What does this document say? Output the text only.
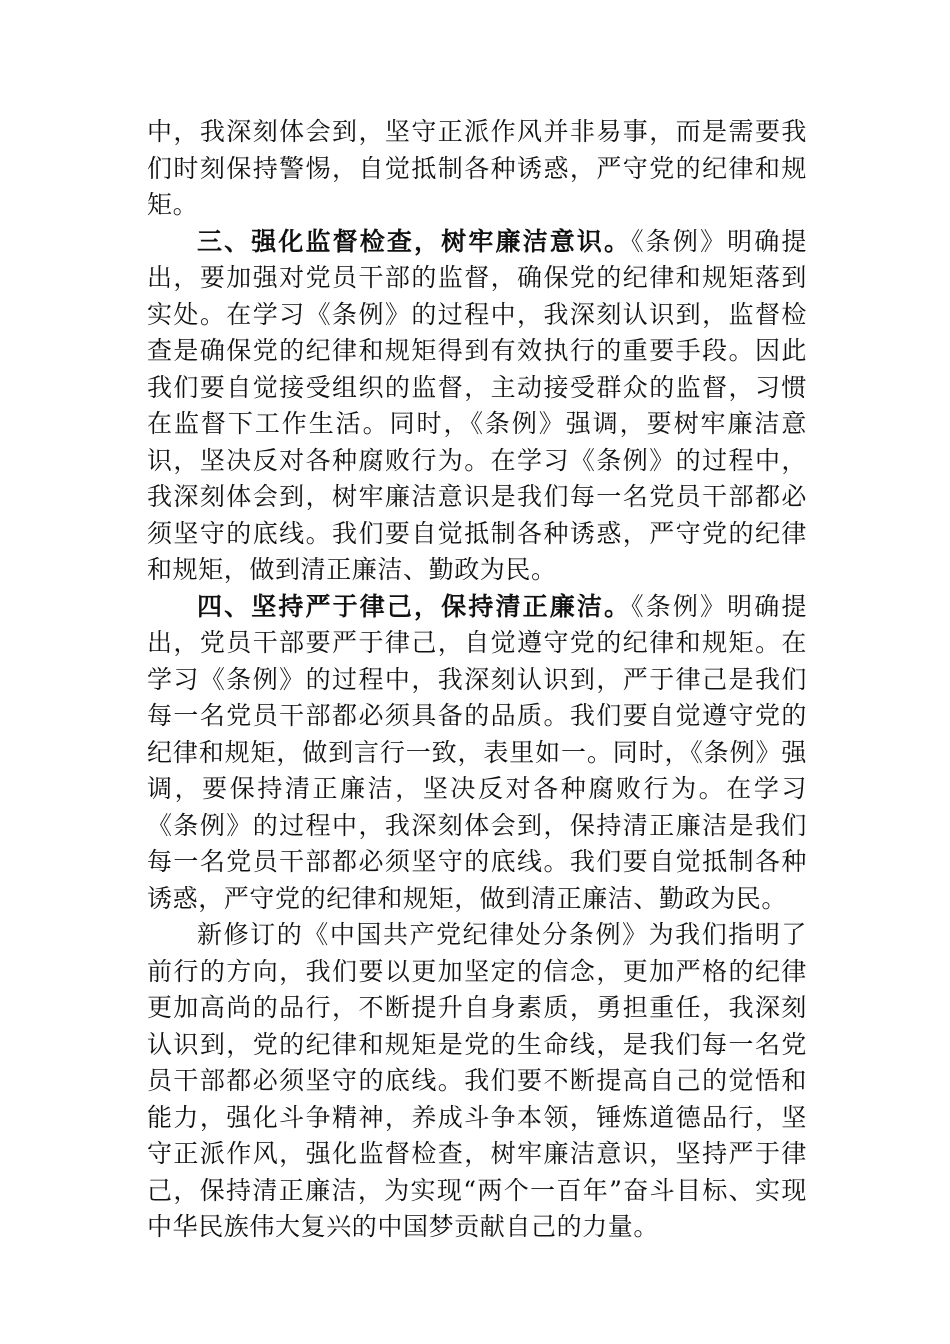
中，我深刻体会到，坚守正派作风并非易事，而是需要我们时刻保持警惕，自觉抵制各种诱惑，严守党的纪律和规矩。

三、强化监督检查，树牢廉洁意识。《条例》明确提出，要加强对党员干部的监督，确保党的纪律和规矩落到实处。在学习《条例》的过程中，我深刻认识到，监督检查是确保党的纪律和规矩得到有效执行的重要手段。因此我们要自觉接受组织的监督，主动接受群众的监督，习惯在监督下工作生活。同时，《条例》强调，要树牢廉洁意识，坚决反对各种腐败行为。在学习《条例》的过程中，我深刻体会到，树牢廉洁意识是我们每一名党员干部都必须坚守的底线。我们要自觉抵制各种诱惑，严守党的纪律和规矩，做到清正廉洁、勤政为民。

四、坚持严于律己，保持清正廉洁。《条例》明确提出，党员干部要严于律己，自觉遵守党的纪律和规矩。在学习《条例》的过程中，我深刻认识到，严于律己是我们每一名党员干部都必须具备的品质。我们要自觉遵守党的纪律和规矩，做到言行一致，表里如一。同时，《条例》强调，要保持清正廉洁，坚决反对各种腐败行为。在学习《条例》的过程中，我深刻体会到，保持清正廉洁是我们每一名党员干部都必须坚守的底线。我们要自觉抵制各种诱惑，严守党的纪律和规矩，做到清正廉洁、勤政为民。

新修订的《中国共产党纪律处分条例》为我们指明了前行的方向，我们要以更加坚定的信念，更加严格的纪律更加高尚的品行，不断提升自身素质，勇担重任，我深刻认识到，党的纪律和规矩是党的生命线，是我们每一名党员干部都必须坚守的底线。我们要不断提高自己的觉悟和能力，强化斗争精神，养成斗争本领，锤炼道德品行，坚守正派作风，强化监督检查，树牢廉洁意识，坚持严于律己，保持清正廉洁，为实现“两个一百年”奋斗目标、实现中华民族伟大复兴的中国梦贡献自己的力量。
